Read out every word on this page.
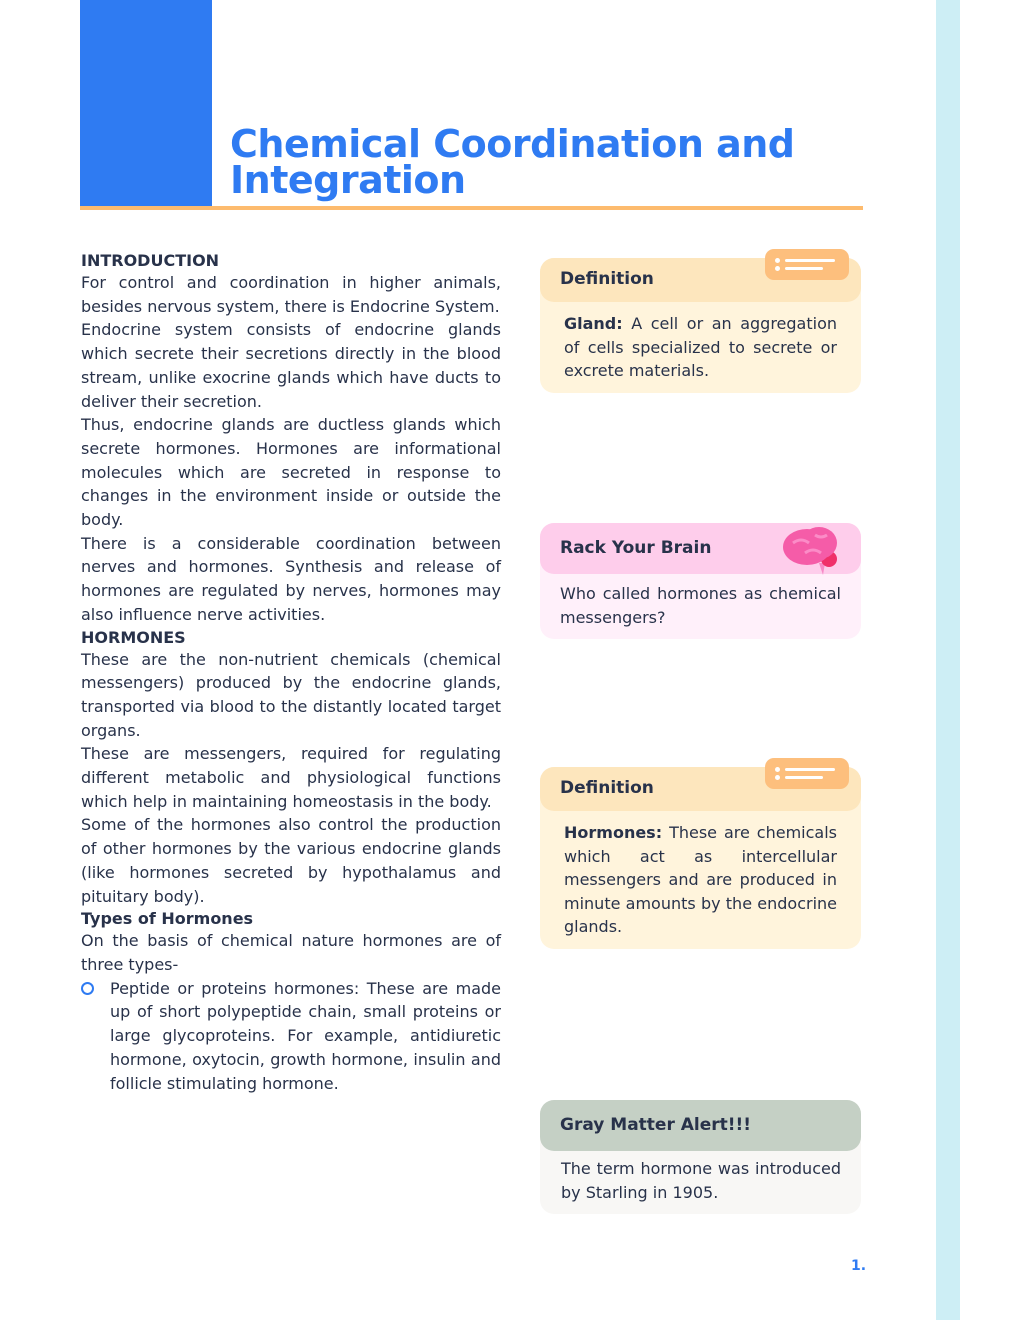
Chemical Coordination and Integration
INTRODUCTION

For control and coordination in higher animals, besides nervous system, there is Endocrine System.

Endocrine system consists of endocrine glands which secrete their secretions directly in the blood stream, unlike exocrine glands which have ducts to deliver their secretion.

Thus, endocrine glands are ductless glands which secrete hormones. Hormones are informational molecules which are secreted in response to changes in the environment inside or outside the body.

There is a considerable coordination between nerves and hormones. Synthesis and release of hormones are regulated by nerves, hormones may also influence nerve activities.

HORMONES

These are the non-nutrient chemicals (chemical messengers) produced by the endocrine glands, transported via blood to the distantly located target organs.

These are messengers, required for regulating different metabolic and physiological functions which help in maintaining homeostasis in the body.

Some of the hormones also control the production of other hormones by the various endocrine glands (like hormones secreted by hypothalamus and pituitary body).

Types of Hormones

On the basis of chemical nature hormones are of three types-

Peptide or proteins hormones: These are made up of short polypeptide chain, small proteins or large glycoproteins. For example, antidiuretic hormone, oxytocin, growth hormone, insulin and follicle stimulating hormone.

Definition
Gland: A cell or an aggregation of cells specialized to secrete or excrete materials.
Rack Your Brain
Who called hormones as chemical messengers?
Definition
Hormones: These are chemicals which act as intercellular messengers and are produced in minute amounts by the endocrine glands.
Gray Matter Alert!!!
The term hormone was introduced by Starling in 1905.
1.
